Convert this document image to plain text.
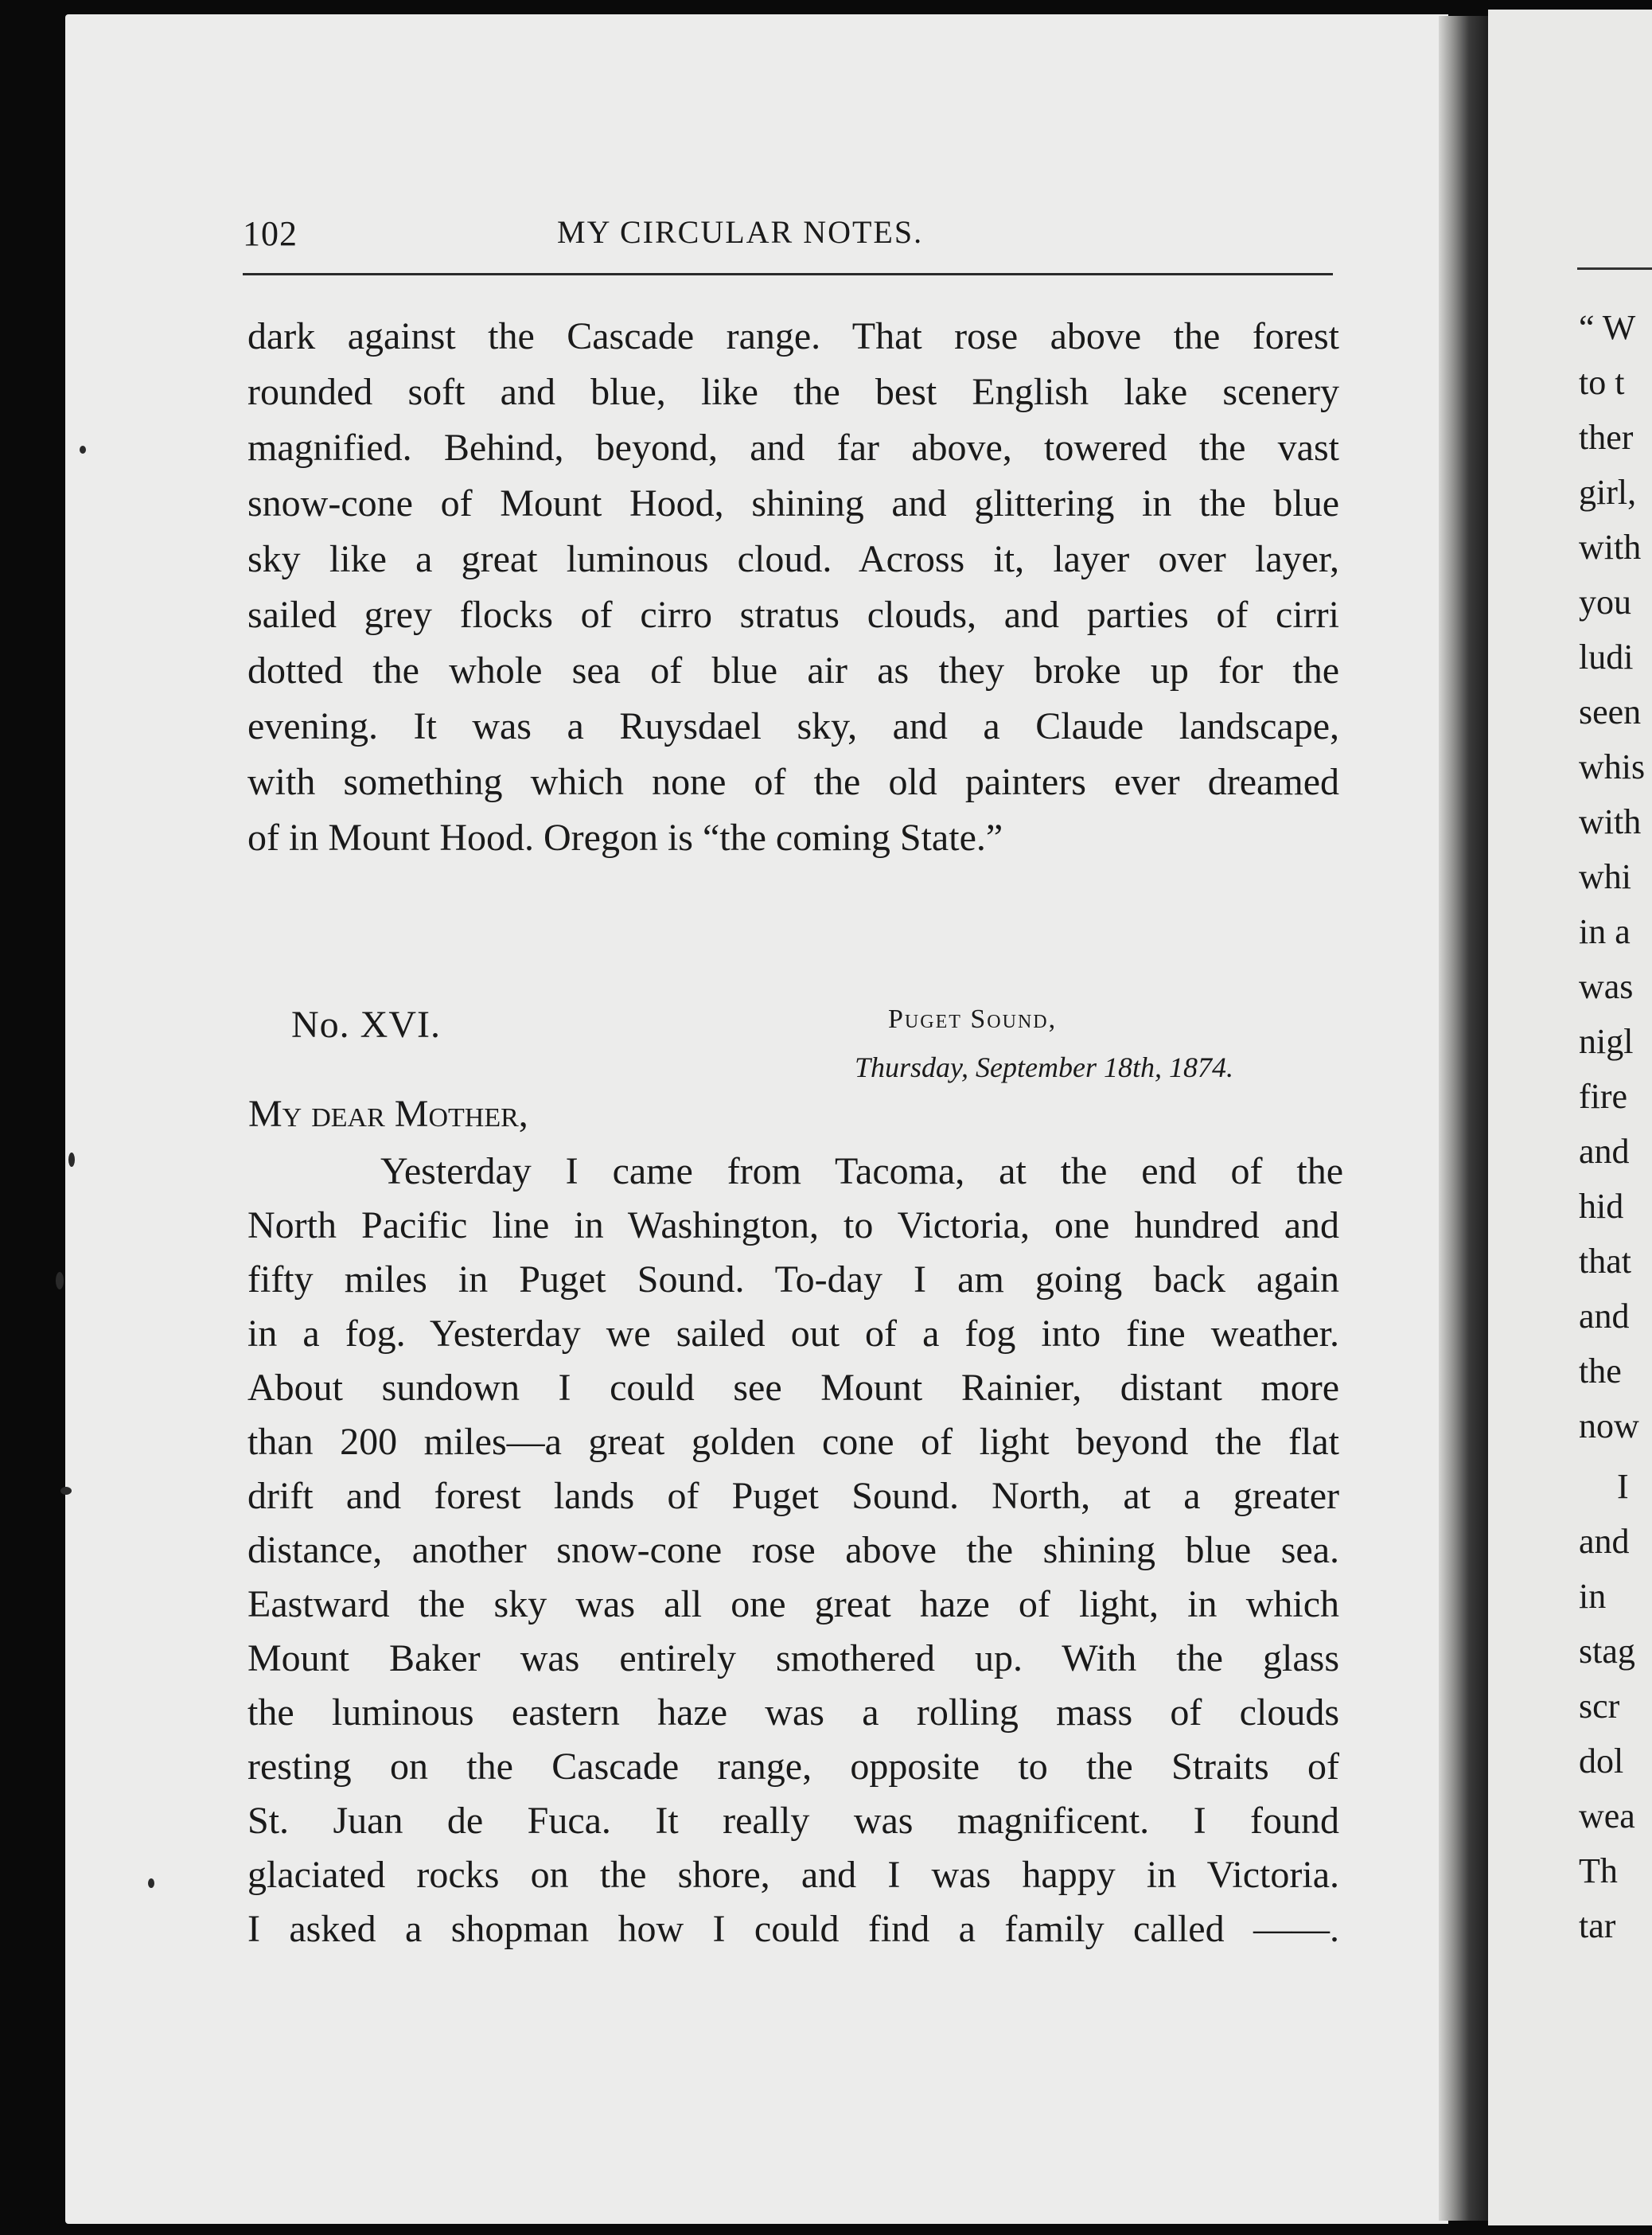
102	MY CIRCULAR NOTES.
dark against the Cascade range. That rose above the forest
rounded soft and blue, like the best English lake scenery
magnified. Behind, beyond, and far above, towered the vast
snow-cone of Mount Hood, shining and glittering in the blue
sky like a great luminous cloud. Across it, layer over layer,
sailed grey flocks of cirro stratus clouds, and parties of cirri
dotted the whole sea of blue air as they broke up for the
evening. It was a Ruysdael sky, and a Claude landscape,
with something which none of the old painters ever dreamed
of in Mount Hood. Oregon is “the coming State.”
No. XVI.	Puget Sound,
Thursday, September 18th, 1874.
My dear Mother,
Yesterday I came from Tacoma, at the end of the
North Pacific line in Washington, to Victoria, one hundred and
fifty miles in Puget Sound. To-day I am going back again
in a fog. Yesterday we sailed out of a fog into fine weather.
About sundown I could see Mount Rainier, distant more
than 200 miles—a great golden cone of light beyond the flat
drift and forest lands of Puget Sound. North, at a greater
distance, another snow-cone rose above the shining blue sea.
Eastward the sky was all one great haze of light, in which
Mount Baker was entirely smothered up. With the glass
the luminous eastern haze was a rolling mass of clouds
resting on the Cascade range, opposite to the Straits of
St. Juan de Fuca. It really was magnificent. I found
glaciated rocks on the shore, and I was happy in Victoria.
I asked a shopman how I could find a family called ——.
“ W
to t
ther
girl,
with
you
ludi
seen
whis
with
whi
in a
was
nigl
fire
and
hid
that
and
the
now
I
and
in
stag
scr
dol
wea
Th
tar
